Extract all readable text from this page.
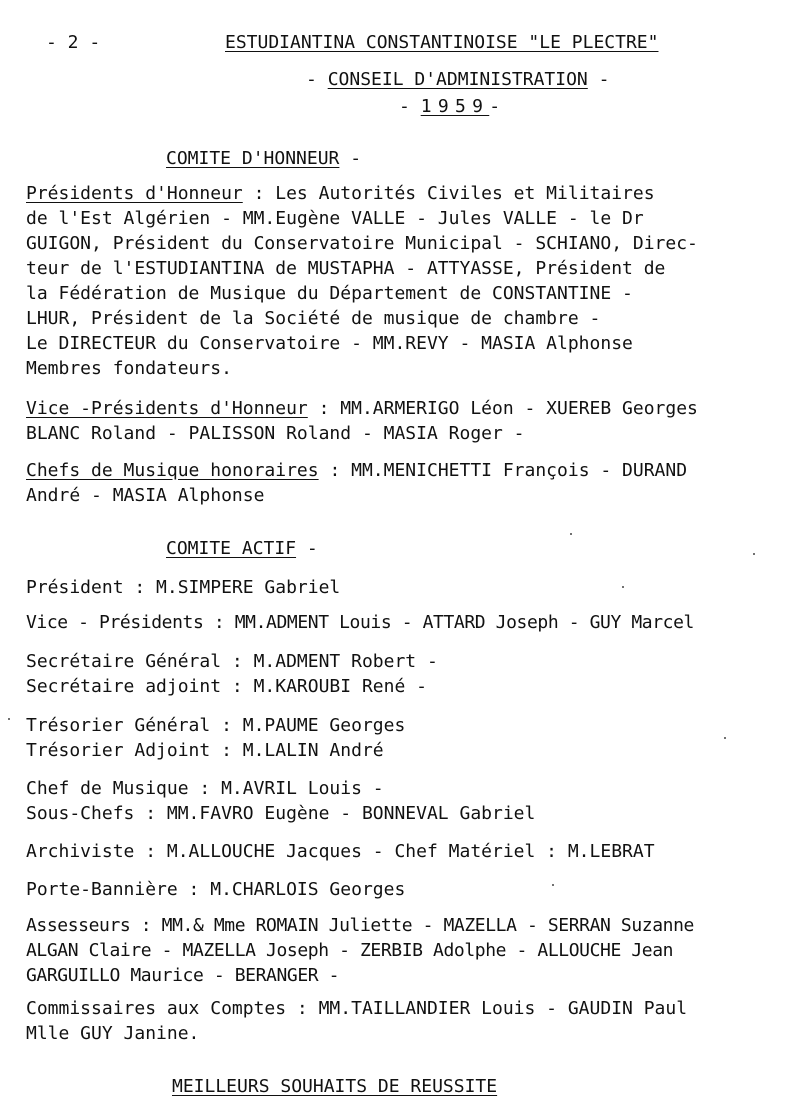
- 2 -	ESTUDIANTINA CONSTANTINOISE "LE PLECTRE"
- CONSEIL D'ADMINISTRATION -
- 1959-
COMITE D'HONNEUR -

Présidents d'Honneur : Les Autorités Civiles et Militaires

de l'Est Algérien - MM.Eugène VALLE - Jules VALLE - le Dr

GUIGON, Président du Conservatoire Municipal - SCHIANO, Direc-

teur de l'ESTUDIANTINA de MUSTAPHA - ATTYASSE, Président de

la Fédération de Musique du Département de CONSTANTINE -

LHUR, Président de la Société de musique de chambre -

Le DIRECTEUR du Conservatoire - MM.REVY - MASIA Alphonse

Membres fondateurs.

Vice -Présidents d'Honneur : MM.ARMERIGO Léon - XUEREB Georges

BLANC Roland - PALISSON Roland - MASIA Roger -

Chefs de Musique honoraires : MM.MENICHETTI François - DURAND

André - MASIA Alphonse

COMITE ACTIF -

Président : M.SIMPERE Gabriel

Vice - Présidents : MM.ADMENT Louis - ATTARD Joseph - GUY Marcel

Secrétaire Général : M.ADMENT Robert -

Secrétaire adjoint : M.KAROUBI René -

Trésorier Général : M.PAUME Georges

Trésorier Adjoint : M.LALIN André

Chef de Musique : M.AVRIL Louis -

Sous-Chefs : MM.FAVRO Eugène - BONNEVAL Gabriel

Archiviste : M.ALLOUCHE Jacques - Chef Matériel : M.LEBRAT

Porte-Bannière : M.CHARLOIS Georges

Assesseurs : MM.& Mme ROMAIN Juliette - MAZELLA - SERRAN Suzanne

ALGAN Claire - MAZELLA Joseph - ZERBIB Adolphe - ALLOUCHE Jean

GARGUILLO Maurice - BERANGER -

Commissaires aux Comptes : MM.TAILLANDIER Louis - GAUDIN Paul

Mlle GUY Janine.

MEILLEURS SOUHAITS DE REUSSITE
